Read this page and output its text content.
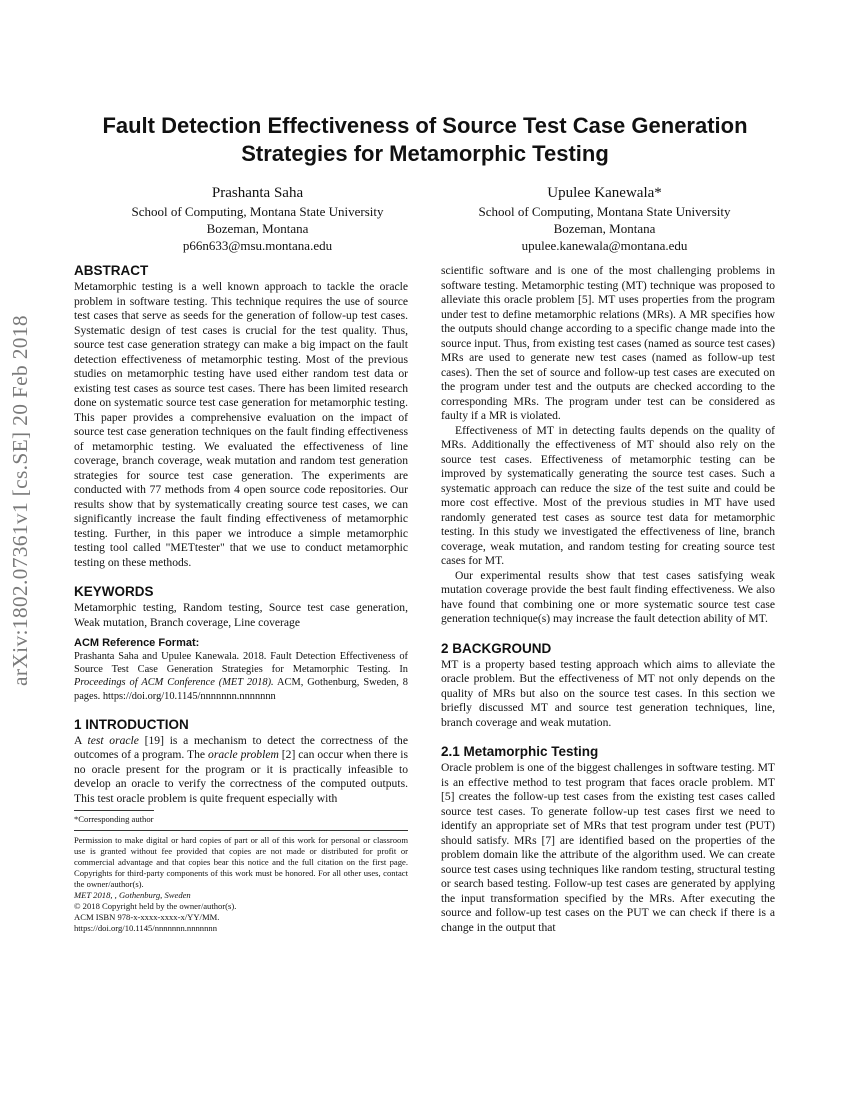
arXiv:1802.07361v1 [cs.SE] 20 Feb 2018
Fault Detection Effectiveness of Source Test Case Generation
Strategies for Metamorphic Testing
Prashanta Saha
School of Computing, Montana State University
Bozeman, Montana
p66n633@msu.montana.edu
Upulee Kanewala*
School of Computing, Montana State University
Bozeman, Montana
upulee.kanewala@montana.edu
ABSTRACT

Metamorphic testing is a well known approach to tackle the oracle problem in software testing. This technique requires the use of source test cases that serve as seeds for the generation of follow-up test cases. Systematic design of test cases is crucial for the test quality. Thus, source test case generation strategy can make a big impact on the fault detection effectiveness of metamorphic testing. Most of the previous studies on metamorphic testing have used either random test data or existing test cases as source test cases. There has been limited research done on systematic source test case generation for metamorphic testing. This paper provides a comprehensive evaluation on the impact of source test case generation techniques on the fault finding effectiveness of metamorphic testing. We evaluated the effectiveness of line coverage, branch coverage, weak mutation and random test generation strategies for source test case generation. The experiments are conducted with 77 methods from 4 open source code repositories. Our results show that by systematically creating source test cases, we can significantly increase the fault finding effectiveness of metamorphic testing. Further, in this paper we introduce a simple metamorphic testing tool called "METtester" that we use to conduct metamorphic testing on these methods.

KEYWORDS

Metamorphic testing, Random testing, Source test case generation, Weak mutation, Branch coverage, Line coverage

ACM Reference Format:

Prashanta Saha and Upulee Kanewala. 2018. Fault Detection Effectiveness of Source Test Case Generation Strategies for Metamorphic Testing. In Proceedings of ACM Conference (MET 2018). ACM, Gothenburg, Sweden, 8 pages. https://doi.org/10.1145/nnnnnnn.nnnnnnn

1 INTRODUCTION

A test oracle [19] is a mechanism to detect the correctness of the outcomes of a program. The oracle problem [2] can occur when there is no oracle present for the program or it is practically infeasible to develop an oracle to verify the correctness of the computed outputs. This test oracle problem is quite frequent especially with

*Corresponding author
Permission to make digital or hard copies of part or all of this work for personal or classroom use is granted without fee provided that copies are not made or distributed for profit or commercial advantage and that copies bear this notice and the full citation on the first page. Copyrights for third-party components of this work must be honored. For all other uses, contact the owner/author(s).
MET 2018, , Gothenburg, Sweden
© 2018 Copyright held by the owner/author(s).
ACM ISBN 978-x-xxxx-xxxx-x/YY/MM.
https://doi.org/10.1145/nnnnnnn.nnnnnnn

scientific software and is one of the most challenging problems in software testing. Metamorphic testing (MT) technique was proposed to alleviate this oracle problem [5]. MT uses properties from the program under test to define metamorphic relations (MRs). A MR specifies how the outputs should change according to a specific change made into the source input. Thus, from existing test cases (named as source test cases) MRs are used to generate new test cases (named as follow-up test cases). Then the set of source and follow-up test cases are executed on the program under test and the outputs are checked according to the corresponding MRs. The program under test can be considered as faulty if a MR is violated.

Effectiveness of MT in detecting faults depends on the quality of MRs. Additionally the effectiveness of MT should also rely on the source test cases. Effectiveness of metamorphic testing can be improved by systematically generating the source test cases. Such a systematic approach can reduce the size of the test suite and could be more cost effective. Most of the previous studies in MT have used randomly generated test cases as source test data for metamorphic testing. In this study we investigated the effectiveness of line, branch coverage, weak mutation, and random testing for creating source test cases for MT.

Our experimental results show that test cases satisfying weak mutation coverage provide the best fault finding effectiveness. We also have found that combining one or more systematic source test case generation technique(s) may increase the fault detection ability of MT.

2 BACKGROUND

MT is a property based testing approach which aims to alleviate the oracle problem. But the effectiveness of MT not only depends on the quality of MRs but also on the source test cases. In this section we briefly discussed MT and source test generation techniques, line, branch coverage and weak mutation.

2.1 Metamorphic Testing

Oracle problem is one of the biggest challenges in software testing. MT is an effective method to test program that faces oracle problem. MT [5] creates the follow-up test cases from the existing test cases called source test cases. To generate follow-up test cases first we need to identify an appropriate set of MRs that test program under test (PUT) should satisfy. MRs [7] are identified based on the properties of the problem domain like the attribute of the algorithm used. We can create source test cases using techniques like random testing, structural testing or search based testing. Follow-up test cases are generated by applying the input transformation specified by the MRs. After executing the source and follow-up test cases on the PUT we can check if there is a change in the output that
